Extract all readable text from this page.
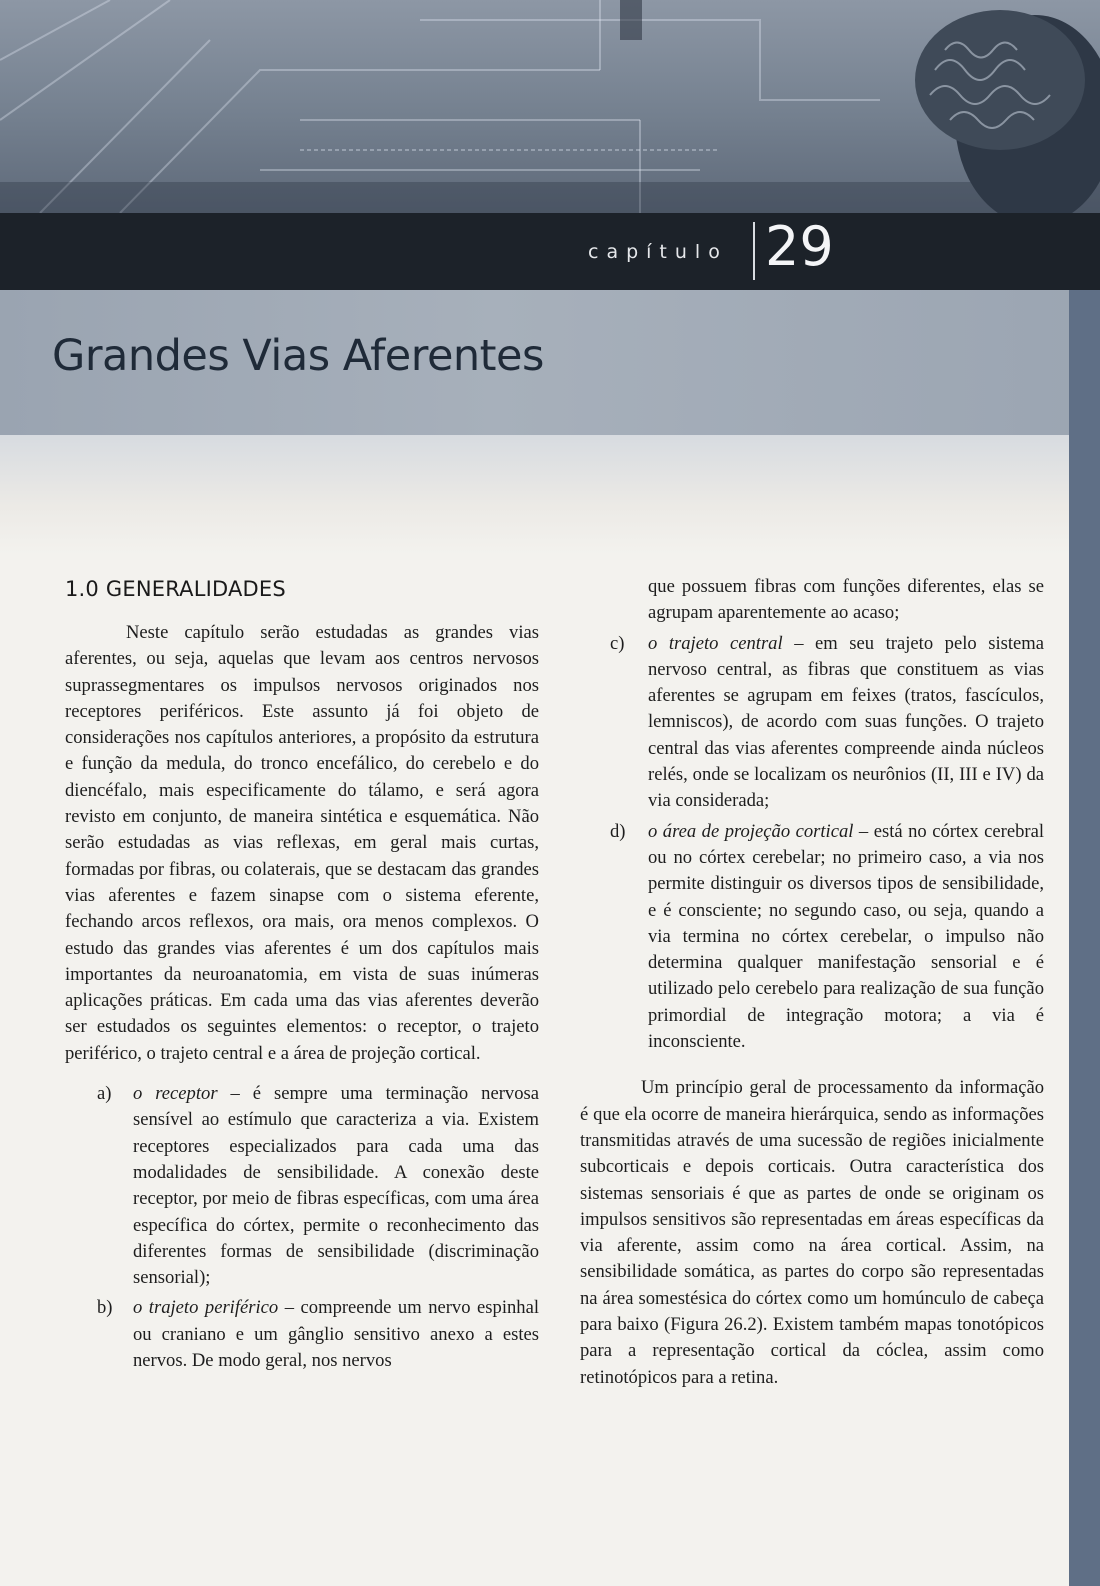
capítulo 29
Grandes Vias Aferentes
1.0 GENERALIDADES

Neste capítulo serão estudadas as grandes vias aferentes, ou seja, aquelas que levam aos centros nervosos suprassegmentares os impulsos nervosos originados nos receptores periféricos. Este assunto já foi objeto de considerações nos capítulos anteriores, a propósito da estrutura e função da medula, do tronco encefálico, do cerebelo e do diencéfalo, mais especificamente do tálamo, e será agora revisto em conjunto, de maneira sintética e esquemática. Não serão estudadas as vias reflexas, em geral mais curtas, formadas por fibras, ou colaterais, que se destacam das grandes vias aferentes e fazem sinapse com o sistema eferente, fechando arcos reflexos, ora mais, ora menos complexos. O estudo das grandes vias aferentes é um dos capítulos mais importantes da neuroanatomia, em vista de suas inúmeras aplicações práticas. Em cada uma das vias aferentes deverão ser estudados os seguintes elementos: o receptor, o trajeto periférico, o trajeto central e a área de projeção cortical.

a) o receptor – é sempre uma terminação nervosa sensível ao estímulo que caracteriza a via. Existem receptores especializados para cada uma das modalidades de sensibilidade. A conexão deste receptor, por meio de fibras específicas, com uma área específica do córtex, permite o reconhecimento das diferentes formas de sensibilidade (discriminação sensorial);
b) o trajeto periférico – compreende um nervo espinhal ou craniano e um gânglio sensitivo anexo a estes nervos. De modo geral, nos nervos

que possuem fibras com funções diferentes, elas se agrupam aparentemente ao acaso;

c) o trajeto central – em seu trajeto pelo sistema nervoso central, as fibras que constituem as vias aferentes se agrupam em feixes (tratos, fascículos, lemniscos), de acordo com suas funções. O trajeto central das vias aferentes compreende ainda núcleos relés, onde se localizam os neurônios (II, III e IV) da via considerada;
d) o área de projeção cortical – está no córtex cerebral ou no córtex cerebelar; no primeiro caso, a via nos permite distinguir os diversos tipos de sensibilidade, e é consciente; no segundo caso, ou seja, quando a via termina no córtex cerebelar, o impulso não determina qualquer manifestação sensorial e é utilizado pelo cerebelo para realização de sua função primordial de integração motora; a via é inconsciente.

Um princípio geral de processamento da informação é que ela ocorre de maneira hierárquica, sendo as informações transmitidas através de uma sucessão de regiões inicialmente subcorticais e depois corticais. Outra característica dos sistemas sensoriais é que as partes de onde se originam os impulsos sensitivos são representadas em áreas específicas da via aferente, assim como na área cortical. Assim, na sensibilidade somática, as partes do corpo são representadas na área somestésica do córtex como um homúnculo de cabeça para baixo (Figura 26.2). Existem também mapas tonotópicos para a representação cortical da cóclea, assim como retinotópicos para a retina.
